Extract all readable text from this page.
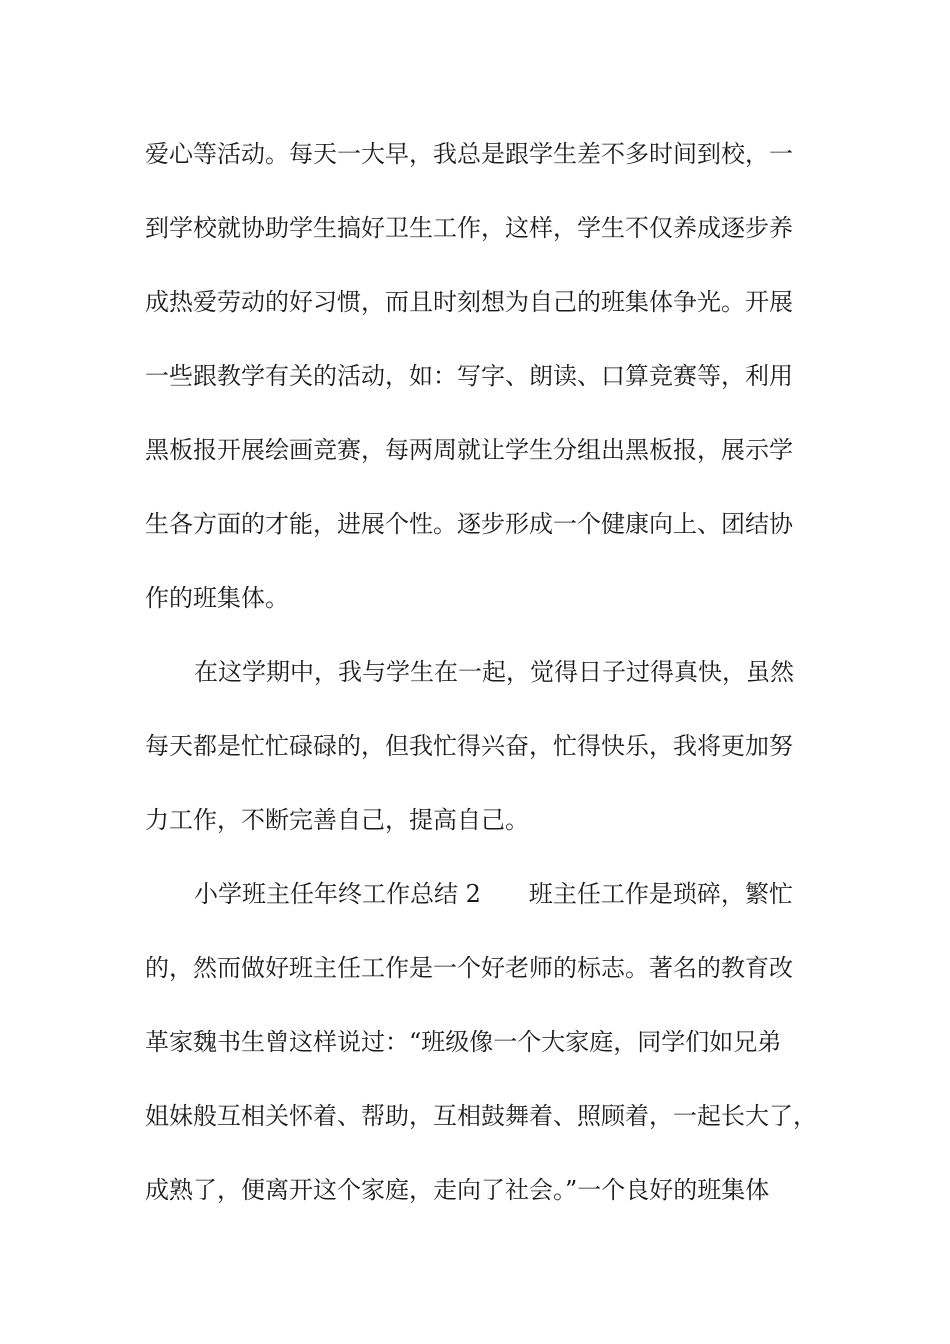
爱心等活动。每天一大早，我总是跟学生差不多时间到校，一
到学校就协助学生搞好卫生工作，这样，学生不仅养成逐步养
成热爱劳动的好习惯，而且时刻想为自己的班集体争光。开展
一些跟教学有关的活动，如：写字、朗读、口算竞赛等，利用
黑板报开展绘画竞赛，每两周就让学生分组出黑板报，展示学
生各方面的才能，进展个性。逐步形成一个健康向上、团结协
作的班集体。
在这学期中，我与学生在一起，觉得日子过得真快，虽然
每天都是忙忙碌碌的，但我忙得兴奋，忙得快乐，我将更加努
力工作，不断完善自己，提高自己。
小学班主任年终工作总结 2 班主任工作是琐碎，繁忙
的，然而做好班主任工作是一个好老师的标志。著名的教育改
革家魏书生曾这样说过：“班级像一个大家庭，同学们如兄弟
姐妹般互相关怀着、帮助，互相鼓舞着、照顾着，一起长大了，
成熟了，便离开这个家庭，走向了社会。”一个良好的班集体
